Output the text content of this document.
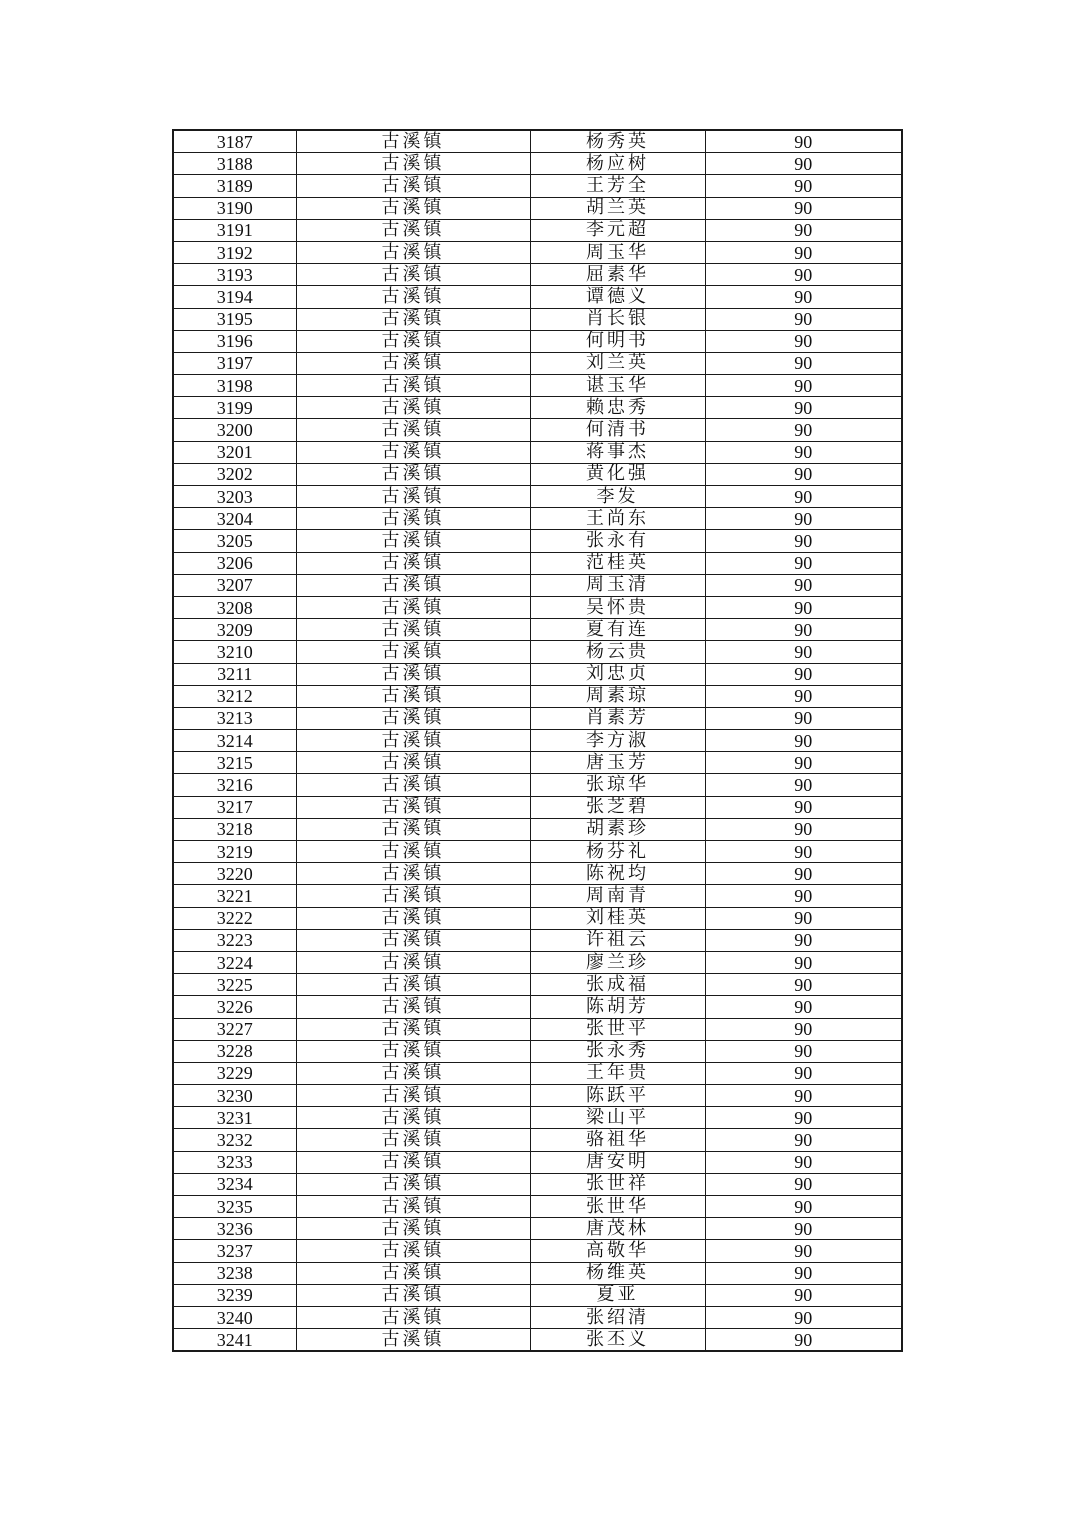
3187	古溪镇	杨秀英	90
3188	古溪镇	杨应树	90
3189	古溪镇	王芳全	90
3190	古溪镇	胡兰英	90
3191	古溪镇	李元超	90
3192	古溪镇	周玉华	90
3193	古溪镇	屈素华	90
3194	古溪镇	谭德义	90
3195	古溪镇	肖长银	90
3196	古溪镇	何明书	90
3197	古溪镇	刘兰英	90
3198	古溪镇	谌玉华	90
3199	古溪镇	赖忠秀	90
3200	古溪镇	何清书	90
3201	古溪镇	蒋事杰	90
3202	古溪镇	黄化强	90
3203	古溪镇	李发	90
3204	古溪镇	王尚东	90
3205	古溪镇	张永有	90
3206	古溪镇	范桂英	90
3207	古溪镇	周玉清	90
3208	古溪镇	吴怀贵	90
3209	古溪镇	夏有连	90
3210	古溪镇	杨云贵	90
3211	古溪镇	刘忠贞	90
3212	古溪镇	周素琼	90
3213	古溪镇	肖素芳	90
3214	古溪镇	李方淑	90
3215	古溪镇	唐玉芳	90
3216	古溪镇	张琼华	90
3217	古溪镇	张芝碧	90
3218	古溪镇	胡素珍	90
3219	古溪镇	杨芬礼	90
3220	古溪镇	陈祝均	90
3221	古溪镇	周南青	90
3222	古溪镇	刘桂英	90
3223	古溪镇	许祖云	90
3224	古溪镇	廖兰珍	90
3225	古溪镇	张成福	90
3226	古溪镇	陈胡芳	90
3227	古溪镇	张世平	90
3228	古溪镇	张永秀	90
3229	古溪镇	王年贵	90
3230	古溪镇	陈跃平	90
3231	古溪镇	梁山平	90
3232	古溪镇	骆祖华	90
3233	古溪镇	唐安明	90
3234	古溪镇	张世祥	90
3235	古溪镇	张世华	90
3236	古溪镇	唐茂林	90
3237	古溪镇	高敬华	90
3238	古溪镇	杨维英	90
3239	古溪镇	夏亚	90
3240	古溪镇	张绍清	90
3241	古溪镇	张丕义	90
